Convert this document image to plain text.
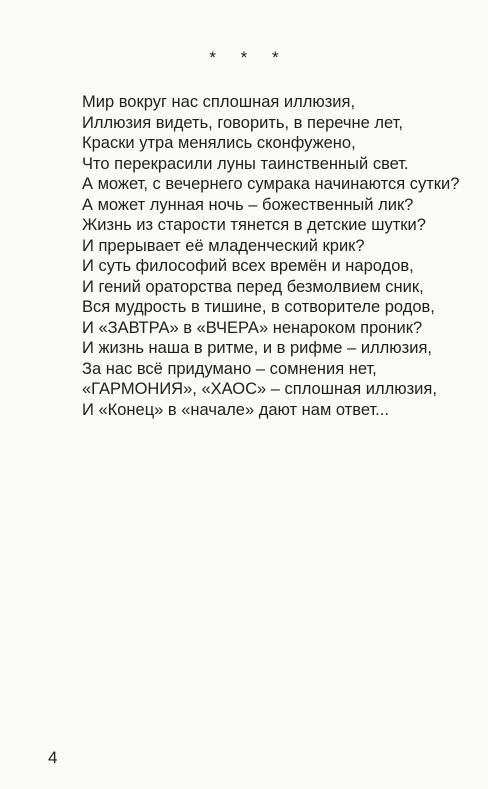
* * *
Мир вокруг нас сплошная иллюзия,
Иллюзия видеть, говорить, в перечне лет,
Краски утра менялись сконфужено,
Что перекрасили луны таинственный свет.
А может, с вечернего сумрака начинаются сутки?
А может лунная ночь – божественный лик?
Жизнь из старости тянется в детские шутки?
И прерывает её младенческий крик?
И суть философий всех времён и народов,
И гений ораторства перед безмолвием сник,
Вся мудрость в тишине, в сотворителе родов,
И «ЗАВТРА» в «ВЧЕРА» ненароком проник?
И жизнь наша в ритме, и в рифме – иллюзия,
За нас всё придумано – сомнения нет,
«ГАРМОНИЯ», «ХАОС» – сплошная иллюзия,
И «Конец» в «начале» дают нам ответ...
4
